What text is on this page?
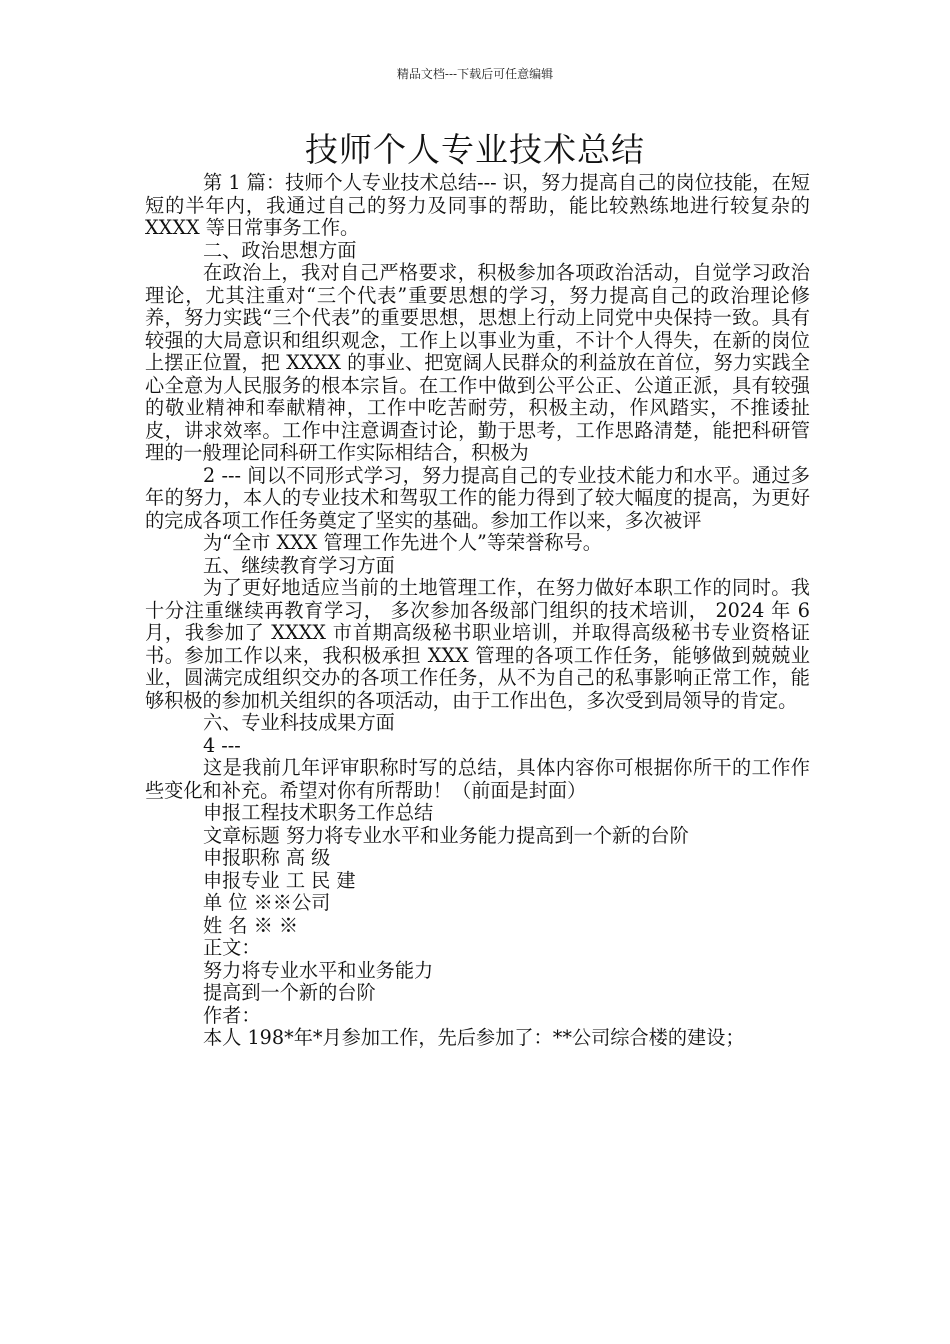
精品文档---下载后可任意编辑
技师个人专业技术总结

第 1 篇：技师个人专业技术总结--- 识，努力提高自己的岗位技能，在短短的半年内，我通过自己的努力及同事的帮助，能比较熟练地进行较复杂的 XXXX 等日常事务工作。

二、政治思想方面

在政治上，我对自己严格要求，积极参加各项政治活动，自觉学习政治理论，尤其注重对“三个代表”重要思想的学习，努力提高自己的政治理论修养，努力实践“三个代表”的重要思想，思想上行动上同党中央保持一致。具有较强的大局意识和组织观念，工作上以事业为重，不计个人得失，在新的岗位上摆正位置，把 XXXX 的事业、把宽阔人民群众的利益放在首位，努力实践全心全意为人民服务的根本宗旨。在工作中做到公平公正、公道正派，具有较强的敬业精神和奉献精神，工作中吃苦耐劳，积极主动，作风踏实，不推诿扯皮，讲求效率。工作中注意调查讨论，勤于思考，工作思路清楚，能把科研管理的一般理论同科研工作实际相结合，积极为

2 --- 间以不同形式学习，努力提高自己的专业技术能力和水平。通过多年的努力，本人的专业技术和驾驭工作的能力得到了较大幅度的提高，为更好的完成各项工作任务奠定了坚实的基础。参加工作以来，多次被评

为“全市 XXX 管理工作先进个人”等荣誉称号。

五、继续教育学习方面

为了更好地适应当前的土地管理工作，在努力做好本职工作的同时。我十分注重继续再教育学习， 多次参加各级部门组织的技术培训， 2024 年 6 月，我参加了 XXXX 市首期高级秘书职业培训，并取得高级秘书专业资格证书。参加工作以来，我积极承担 XXX 管理的各项工作任务，能够做到兢兢业业，圆满完成组织交办的各项工作任务，从不为自己的私事影响正常工作，能够积极的参加机关组织的各项活动，由于工作出色，多次受到局领导的肯定。

六、专业科技成果方面

4 ---

这是我前几年评审职称时写的总结，具体内容你可根据你所干的工作作些变化和补充。希望对你有所帮助！（前面是封面）

申报工程技术职务工作总结

文章标题 努力将专业水平和业务能力提高到一个新的台阶

申报职称 高 级

申报专业 工 民 建

单 位 ※※公司

姓 名 ※ ※

正文：

努力将专业水平和业务能力

提高到一个新的台阶

作者：

本人 198*年*月参加工作，先后参加了：**公司综合楼的建设；
